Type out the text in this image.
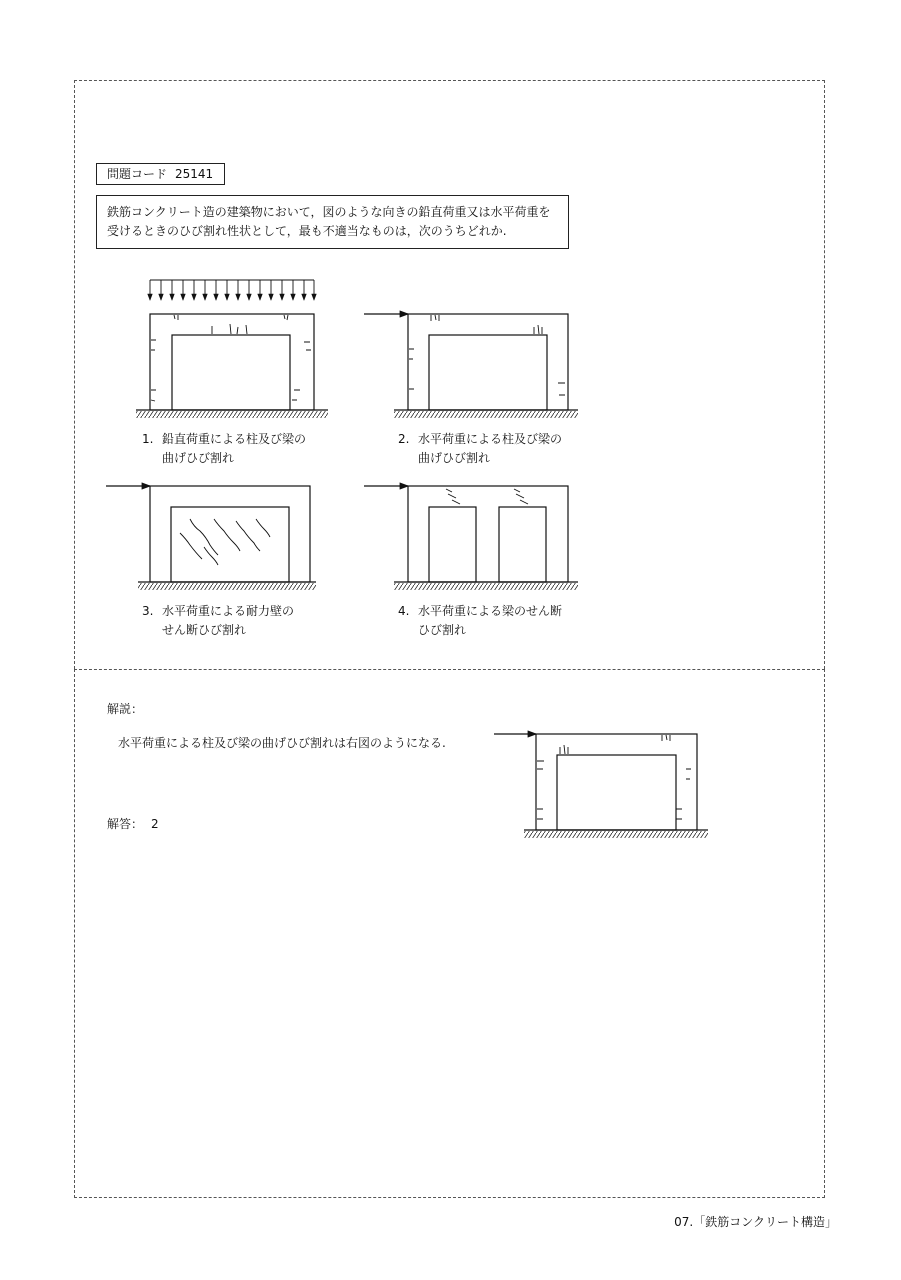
問題コード 25141
鉄筋コンクリート造の建築物において，図のような向きの鉛直荷重又は水平荷重を
受けるときのひび割れ性状として，最も不適当なものは，次のうちどれか.
1. 鉛直荷重による柱及び梁の
曲げひび割れ
2. 水平荷重による柱及び梁の
曲げひび割れ
3. 水平荷重による耐力壁の
せん断ひび割れ
4. 水平荷重による梁のせん断
ひび割れ
解説：
水平荷重による柱及び梁の曲げひび割れは右図のようになる.
解答： 2
07.「鉄筋コンクリート構造」
